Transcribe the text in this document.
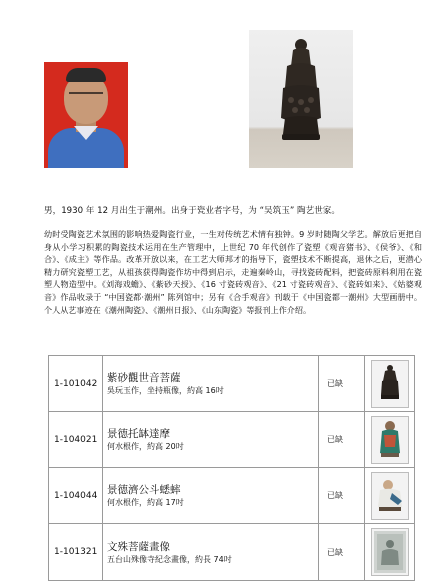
男，1930 年 12 月出生于潮州。出身于瓷业者字号，为 “吴筑玉” 陶艺世家。
幼时受陶瓷艺术氛围的影响热爱陶瓷行业，一生对传统艺术情有独钟。9 岁时随陶父学艺。解放后更把自身从小学习积累的陶瓷技术运用在生产管理中，上世纪 70 年代创作了瓷塑《观音猪书》、《侯爷》、《和合》、《成主》等作品。改革开放以来，在工艺大师邦才的指导下，瓷塑技术不断提高，退休之后，更潜心精力研究瓷塑工艺，从祖孩获得陶瓷作坊中得到启示，走遍秦岭山，寻找瓷砖配料，把瓷砖原料利用在瓷塑人物造型中。《刘海戏蟾》、《紫砂天授》、《16 寸瓷砖观音》、《21 寸瓷砖观音》、《瓷砖如来》、《姑婆观音》作品收录于 “中国瓷都·潮州” 陈列馆中；另有《合手观音》刊载于《中国瓷都一潮州》大型画册中。个人从艺事迹在《潮州陶瓷》、《潮州日报》、《山东陶瓷》等报刊上作介绍。
1-101042	紫砂觀世音菩薩
吳玩玉作，坐持瓶像，約高 16吋	已缺	

1-104021	景德托缽達摩
何水根作，約高 20吋	已缺	

1-104044	景德濟公斗蟋蟀
何水根作，約高 17吋	已缺	

1-101321	文殊菩薩畫像
五台山殊像寺紀念畫像，約長 74吋	已缺	
